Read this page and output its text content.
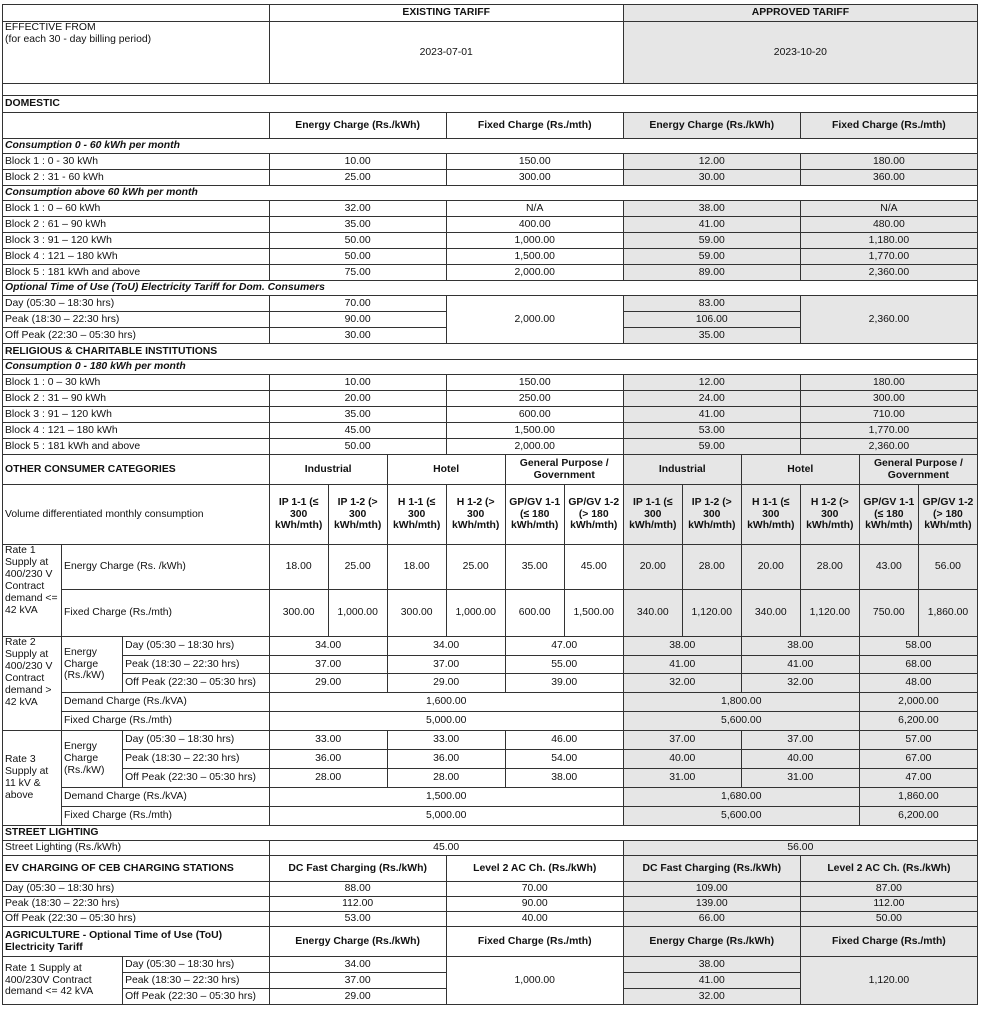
			EXISTING TARIFF						APPROVED TARIFF					
EFFECTIVE FROM
(for each 30 - day billing period)			2023-07-01						2023-10-20					

DOMESTIC														
			Energy Charge (Rs./kWh)			Fixed Charge (Rs./mth)			Energy Charge (Rs./kWh)			Fixed Charge (Rs./mth)		
Consumption 0 - 60 kWh per month														
Block 1 : 0 - 30 kWh			10.00			150.00			12.00			180.00		
Block 2 : 31 - 60 kWh			25.00			300.00			30.00			360.00		
Consumption above 60 kWh per month														
Block 1 : 0 – 60 kWh			32.00			N/A			38.00			N/A		
Block 2 : 61 – 90 kWh			35.00			400.00			41.00			480.00		
Block 3 : 91 – 120 kWh			50.00			1,000.00			59.00			1,180.00		
Block 4 : 121 – 180 kWh			50.00			1,500.00			59.00			1,770.00		
Block 5 : 181 kWh and above			75.00			2,000.00			89.00			2,360.00		
Optional Time of Use (ToU) Electricity Tariff for Dom. Consumers														
Day (05:30 – 18:30 hrs)			70.00			2,000.00			83.00			2,360.00		
Peak (18:30 – 22:30 hrs)			90.00						106.00					
Off Peak (22:30 – 05:30 hrs)			30.00						35.00					
RELIGIOUS & CHARITABLE INSTITUTIONS														
Consumption 0 - 180 kWh per month														
Block 1 : 0 – 30 kWh			10.00			150.00			12.00			180.00		
Block 2 : 31 – 90 kWh			20.00			250.00			24.00			300.00		
Block 3 : 91 – 120 kWh			35.00			600.00			41.00			710.00		
Block 4 : 121 – 180 kWh			45.00			1,500.00			53.00			1,770.00		
Block 5 : 181 kWh and above			50.00			2,000.00			59.00			2,360.00		
OTHER CONSUMER CATEGORIES			Industrial		Hotel		General Purpose / Government		Industrial		Hotel		General Purpose / Government	
Volume differentiated monthly consumption			IP 1-1 (≤ 300 kWh/mth)	IP 1-2 (> 300 kWh/mth)	H 1-1 (≤ 300 kWh/mth)	H 1-2 (> 300 kWh/mth)	GP/GV 1-1 (≤ 180 kWh/mth)	GP/GV 1-2 (> 180 kWh/mth)	IP 1-1 (≤ 300 kWh/mth)	IP 1-2 (> 300 kWh/mth)	H 1-1 (≤ 300 kWh/mth)	H 1-2 (> 300 kWh/mth)	GP/GV 1-1 (≤ 180 kWh/mth)	GP/GV 1-2 (> 180 kWh/mth)
Rate 1 Supply at 400/230 V Contract demand <= 42 kVA	Energy Charge (Rs. /kWh)		18.00	25.00	18.00	25.00	35.00	45.00	20.00	28.00	20.00	28.00	43.00	56.00
	Fixed Charge (Rs./mth)		300.00	1,000.00	300.00	1,000.00	600.00	1,500.00	340.00	1,120.00	340.00	1,120.00	750.00	1,860.00
Rate 2 Supply at 400/230 V Contract demand > 42 kVA	Energy Charge (Rs./kW)	Day (05:30 – 18:30 hrs)	34.00		34.00		47.00		38.00		38.00		58.00	
		Peak (18:30 – 22:30 hrs)	37.00		37.00		55.00		41.00		41.00		68.00	
		Off Peak (22:30 – 05:30 hrs)	29.00		29.00		39.00		32.00		32.00		48.00	
	Demand Charge (Rs./kVA)		1,600.00						1,800.00				2,000.00	
	Fixed Charge (Rs./mth)		5,000.00						5,600.00				6,200.00	
Rate 3 Supply at 11 kV & above	Energy Charge (Rs./kW)	Day (05:30 – 18:30 hrs)	33.00		33.00		46.00		37.00		37.00		57.00	
		Peak (18:30 – 22:30 hrs)	36.00		36.00		54.00		40.00		40.00		67.00	
		Off Peak (22:30 – 05:30 hrs)	28.00		28.00		38.00		31.00		31.00		47.00	
	Demand Charge (Rs./kVA)		1,500.00						1,680.00				1,860.00	
	Fixed Charge (Rs./mth)		5,000.00						5,600.00				6,200.00	
STREET LIGHTING														
Street Lighting (Rs./kWh)			45.00						56.00					
EV CHARGING OF CEB CHARGING STATIONS			DC Fast Charging (Rs./kWh)			Level 2 AC Ch. (Rs./kWh)			DC Fast Charging (Rs./kWh)			Level 2 AC Ch. (Rs./kWh)		
Day (05:30 – 18:30 hrs)			88.00			70.00			109.00			87.00		
Peak (18:30 – 22:30 hrs)			112.00			90.00			139.00			112.00		
Off Peak (22:30 – 05:30 hrs)			53.00			40.00			66.00			50.00		
AGRICULTURE - Optional Time of Use (ToU) Electricity Tariff			Energy Charge (Rs./kWh)			Fixed Charge (Rs./mth)			Energy Charge (Rs./kWh)			Fixed Charge (Rs./mth)		
Rate 1 Supply at 400/230V Contract demand <= 42 kVA		Day (05:30 – 18:30 hrs)	34.00			1,000.00			38.00			1,120.00		
		Peak (18:30 – 22:30 hrs)	37.00						41.00					
		Off Peak (22:30 – 05:30 hrs)	29.00						32.00					
